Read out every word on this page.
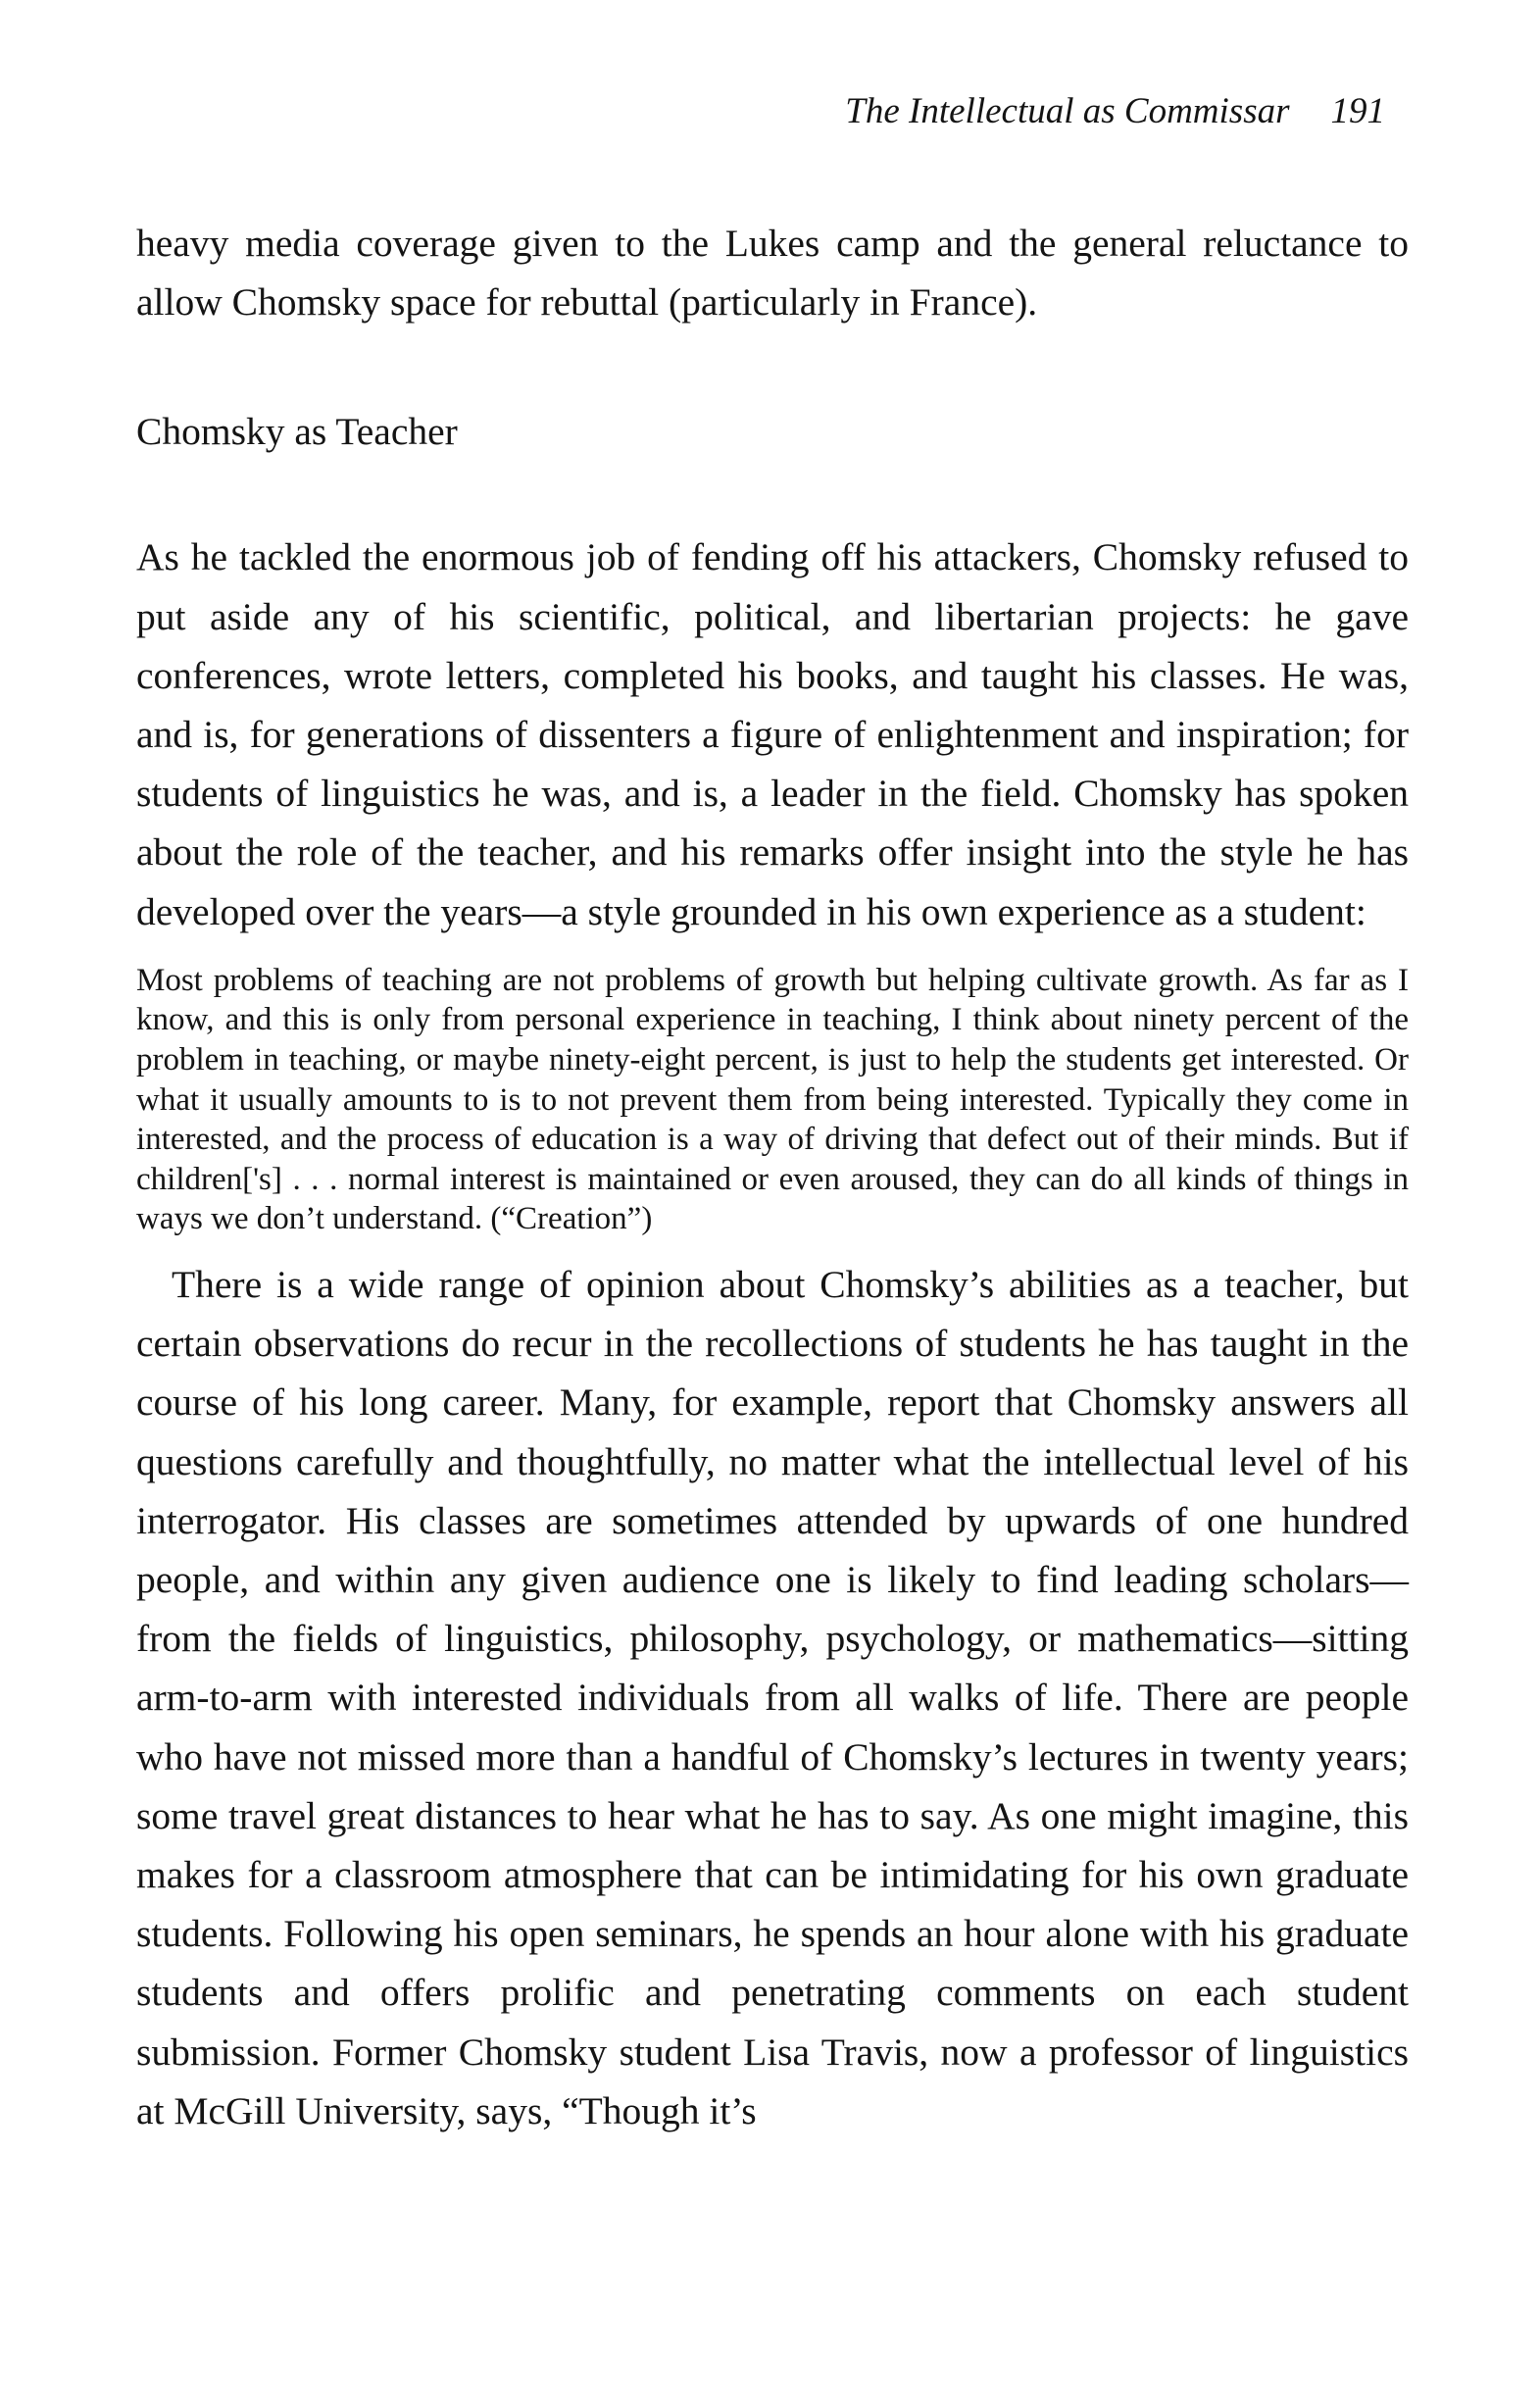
The Intellectual as Commissar 191

heavy media coverage given to the Lukes camp and the general reluctance to allow Chomsky space for rebuttal (particularly in France).

Chomsky as Teacher

As he tackled the enormous job of fending off his attackers, Chomsky refused to put aside any of his scientific, political, and libertarian projects: he gave conferences, wrote letters, completed his books, and taught his classes. He was, and is, for generations of dissenters a figure of enlightenment and inspiration; for students of linguistics he was, and is, a leader in the field. Chomsky has spoken about the role of the teacher, and his remarks offer insight into the style he has developed over the years—a style grounded in his own experience as a student:

Most problems of teaching are not problems of growth but helping cultivate growth. As far as I know, and this is only from personal experience in teaching, I think about ninety percent of the problem in teaching, or maybe ninety-eight percent, is just to help the students get interested. Or what it usually amounts to is to not prevent them from being interested. Typically they come in interested, and the process of education is a way of driving that defect out of their minds. But if children['s] . . . normal interest is maintained or even aroused, they can do all kinds of things in ways we don’t understand. (“Creation”)

There is a wide range of opinion about Chomsky’s abilities as a teacher, but certain observations do recur in the recollections of students he has taught in the course of his long career. Many, for example, report that Chomsky answers all questions carefully and thoughtfully, no matter what the intellectual level of his interrogator. His classes are sometimes attended by upwards of one hundred people, and within any given audience one is likely to find leading scholars—from the fields of linguistics, philosophy, psychology, or mathematics—sitting arm-to-arm with interested individuals from all walks of life. There are people who have not missed more than a handful of Chomsky’s lectures in twenty years; some travel great distances to hear what he has to say. As one might imagine, this makes for a classroom atmosphere that can be intimidating for his own graduate students. Following his open seminars, he spends an hour alone with his graduate students and offers prolific and penetrating comments on each student submission. Former Chomsky student Lisa Travis, now a professor of linguistics at McGill University, says, “Though it’s
